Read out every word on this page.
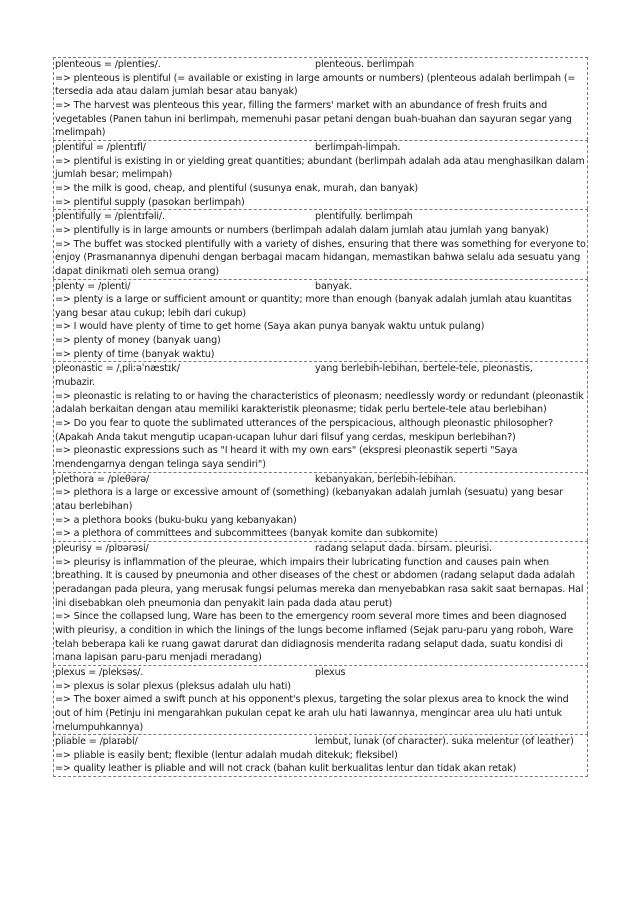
plenteous = /plenties/.	plenteous. berlimpah
=> plenteous is plentiful (= available or existing in large amounts or numbers) (plenteous adalah berlimpah (= tersedia ada atau dalam jumlah besar atau banyak)
=> The harvest was plenteous this year, filling the farmers' market with an abundance of fresh fruits and vegetables (Panen tahun ini berlimpah, memenuhi pasar petani dengan buah-buahan dan sayuran segar yang melimpah)
plentiful = /plentɪfl/	berlimpah-limpah.
=> plentiful is existing in or yielding great quantities; abundant (berlimpah adalah ada atau menghasilkan dalam jumlah besar; melimpah)
=> the milk is good, cheap, and plentiful (susunya enak, murah, dan banyak)
=> plentiful supply (pasokan berlimpah)
plentifully = /plentɪfəli/.	plentifully. berlimpah
=> plentifully is in large amounts or numbers (berlimpah adalah dalam jumlah atau jumlah yang banyak)
=> The buffet was stocked plentifully with a variety of dishes, ensuring that there was something for everyone to enjoy (Prasmanannya dipenuhi dengan berbagai macam hidangan, memastikan bahwa selalu ada sesuatu yang dapat dinikmati oleh semua orang)
plenty = /plenti/	banyak.
=> plenty is a large or sufficient amount or quantity; more than enough (banyak adalah jumlah atau kuantitas yang besar atau cukup; lebih dari cukup)
=> I would have plenty of time to get home (Saya akan punya banyak waktu untuk pulang)
=> plenty of money (banyak uang)
=> plenty of time (banyak waktu)
pleonastic = /ˌpliːəˈnæstɪk/	yang berlebih-lebihan, bertele-tele, pleonastis,
mubazir.
=> pleonastic is relating to or having the characteristics of pleonasm; needlessly wordy or redundant (pleonastik adalah berkaitan dengan atau memiliki karakteristik pleonasme; tidak perlu bertele-tele atau berlebihan)
=> Do you fear to quote the sublimated utterances of the perspicacious, although pleonastic philosopher? (Apakah Anda takut mengutip ucapan-ucapan luhur dari filsuf yang cerdas, meskipun berlebihan?)
=> pleonastic expressions such as "I heard it with my own ears" (ekspresi pleonastik seperti "Saya mendengarnya dengan telinga saya sendiri")
plethora = /pleθərə/	kebanyakan, berlebih-lebihan.
=> plethora is a large or excessive amount of (something) (kebanyakan adalah jumlah (sesuatu) yang besar atau berlebihan)
=> a plethora books (buku-buku yang kebanyakan)
=> a plethora of committees and subcommittees (banyak komite dan subkomite)
pleurisy = /plʊərəsi/	radang selaput dada. birsam. pleurisi.
=> pleurisy is inflammation of the pleurae, which impairs their lubricating function and causes pain when breathing. It is caused by pneumonia and other diseases of the chest or abdomen (radang selaput dada adalah peradangan pada pleura, yang merusak fungsi pelumas mereka dan menyebabkan rasa sakit saat bernapas. Hal ini disebabkan oleh pneumonia dan penyakit lain pada dada atau perut)
=> Since the collapsed lung, Ware has been to the emergency room several more times and been diagnosed with pleurisy, a condition in which the linings of the lungs become inflamed (Sejak paru-paru yang roboh, Ware telah beberapa kali ke ruang gawat darurat dan didiagnosis menderita radang selaput dada, suatu kondisi di mana lapisan paru-paru menjadi meradang)
plexus = /pleksəs/.	plexus
=> plexus is solar plexus (pleksus adalah ulu hati)
=> The boxer aimed a swift punch at his opponent's plexus, targeting the solar plexus area to knock the wind out of him (Petinju ini mengarahkan pukulan cepat ke arah ulu hati lawannya, mengincar area ulu hati untuk melumpuhkannya)
pliable = /plaɪəbl/	lembut, lunak (of character). suka melentur (of leather)
=> pliable is easily bent; flexible (lentur adalah mudah ditekuk; fleksibel)
=> quality leather is pliable and will not crack (bahan kulit berkualitas lentur dan tidak akan retak)
